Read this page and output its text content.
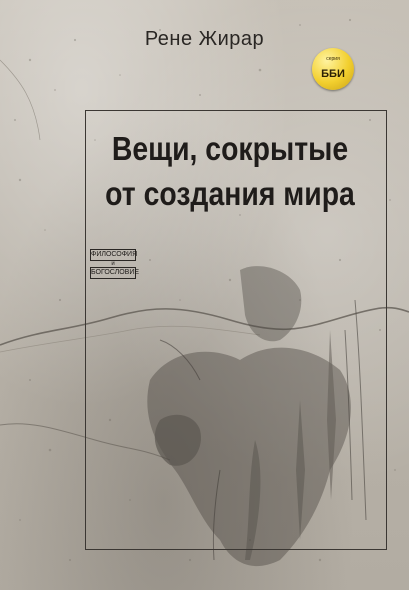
Рене Жирар
серия
ББИ
Вещи, сокрытые
от создания мира
ФИЛОСОФИЯ
и
БОГОСЛОВИЕ
